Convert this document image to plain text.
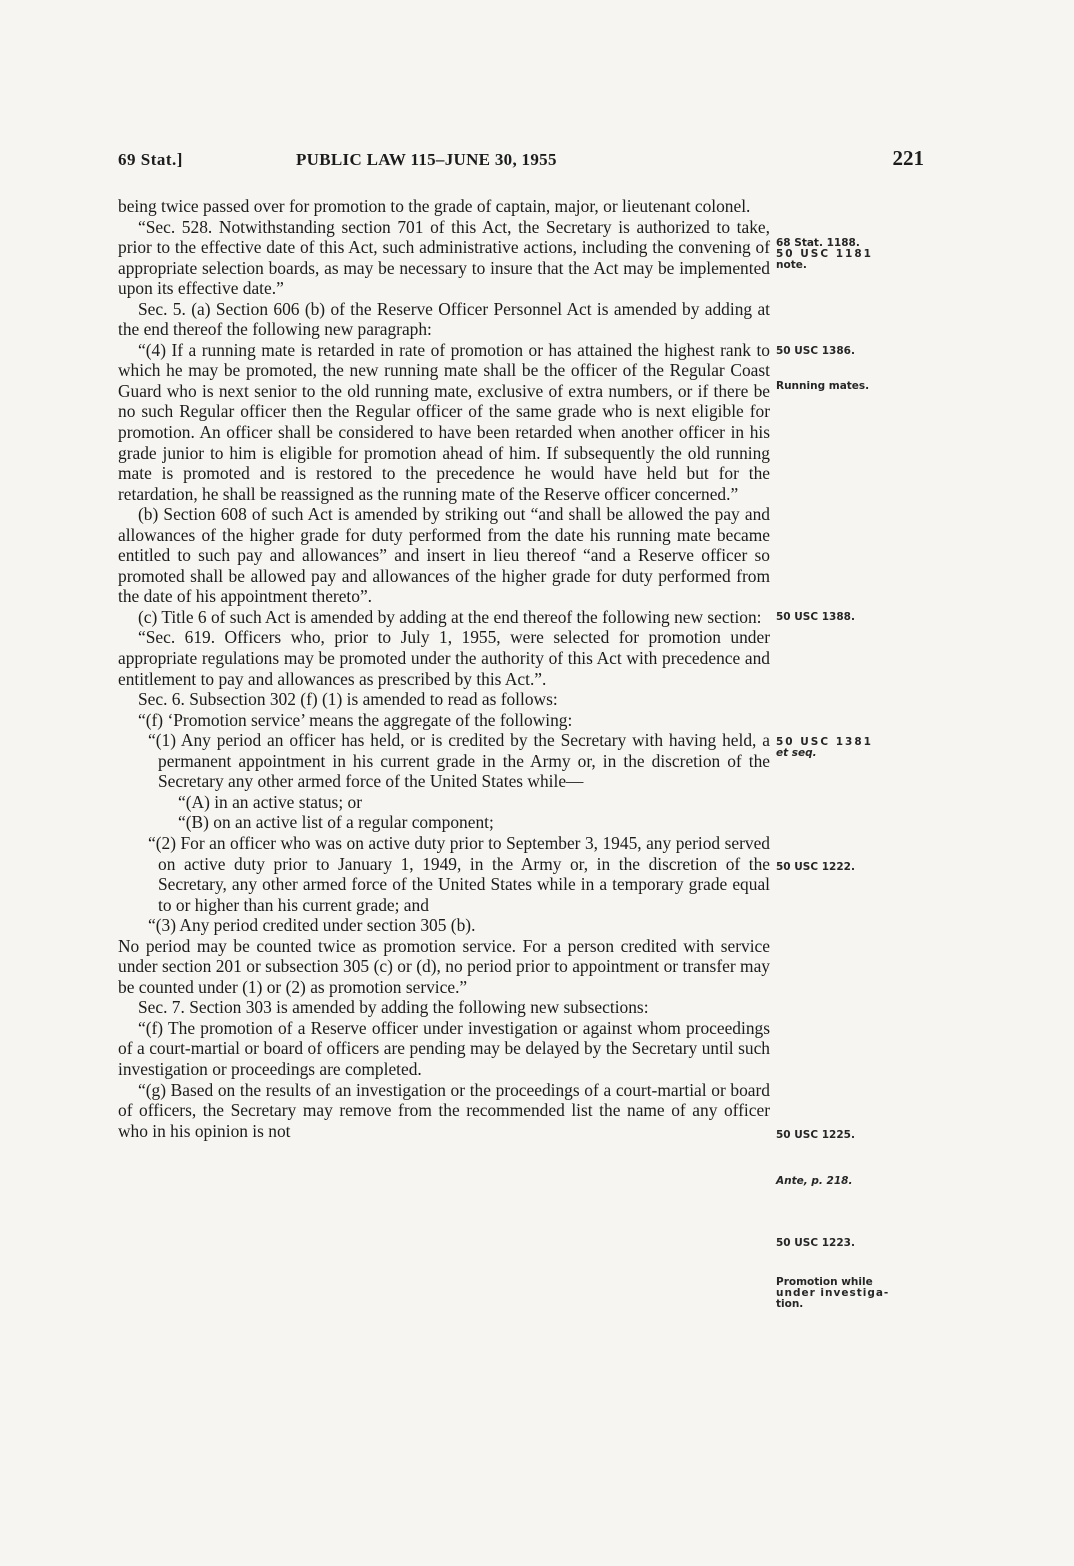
69 Stat.]	PUBLIC LAW 115–JUNE 30, 1955	221

being twice passed over for promotion to the grade of captain, major, or lieutenant colonel.

“Sec. 528. Notwithstanding section 701 of this Act, the Secretary is authorized to take, prior to the effective date of this Act, such administrative actions, including the convening of appropriate selection boards, as may be necessary to insure that the Act may be implemented upon its effective date.”

Sec. 5. (a) Section 606 (b) of the Reserve Officer Personnel Act is amended by adding at the end thereof the following new paragraph:

“(4) If a running mate is retarded in rate of promotion or has attained the highest rank to which he may be promoted, the new running mate shall be the officer of the Regular Coast Guard who is next senior to the old running mate, exclusive of extra numbers, or if there be no such Regular officer then the Regular officer of the same grade who is next eligible for promotion. An officer shall be considered to have been retarded when another officer in his grade junior to him is eligible for promotion ahead of him. If subsequently the old running mate is promoted and is restored to the precedence he would have held but for the retardation, he shall be reassigned as the running mate of the Reserve officer concerned.”

(b) Section 608 of such Act is amended by striking out “and shall be allowed the pay and allowances of the higher grade for duty performed from the date his running mate became entitled to such pay and allowances” and insert in lieu thereof “and a Reserve officer so promoted shall be allowed pay and allowances of the higher grade for duty performed from the date of his appointment thereto”.

(c) Title 6 of such Act is amended by adding at the end thereof the following new section:

“Sec. 619. Officers who, prior to July 1, 1955, were selected for promotion under appropriate regulations may be promoted under the authority of this Act with precedence and entitlement to pay and allowances as prescribed by this Act.”.

Sec. 6. Subsection 302 (f) (1) is amended to read as follows:

“(f) ‘Promotion service’ means the aggregate of the following:

“(1) Any period an officer has held, or is credited by the Secretary with having held, a permanent appointment in his current grade in the Army or, in the discretion of the Secretary any other armed force of the United States while—

“(A) in an active status; or

“(B) on an active list of a regular component;

“(2) For an officer who was on active duty prior to September 3, 1945, any period served on active duty prior to January 1, 1949, in the Army or, in the discretion of the Secretary, any other armed force of the United States while in a temporary grade equal to or higher than his current grade; and

“(3) Any period credited under section 305 (b).

No period may be counted twice as promotion service. For a person credited with service under section 201 or subsection 305 (c) or (d), no period prior to appointment or transfer may be counted under (1) or (2) as promotion service.”

Sec. 7. Section 303 is amended by adding the following new subsections:

“(f) The promotion of a Reserve officer under investigation or against whom proceedings of a court-martial or board of officers are pending may be delayed by the Secretary until such investigation or proceedings are completed.

“(g) Based on the results of an investigation or the proceedings of a court-martial or board of officers, the Secretary may remove from the recommended list the name of any officer who in his opinion is not

68 Stat. 1188.
50 USC 1181
note.
50 USC 1386.
Running mates.
50 USC 1388.
50 USC 1381
et seq.
50 USC 1222.
50 USC 1225.
Ante, p. 218.
50 USC 1223.
Promotion while
under investiga-
tion.
